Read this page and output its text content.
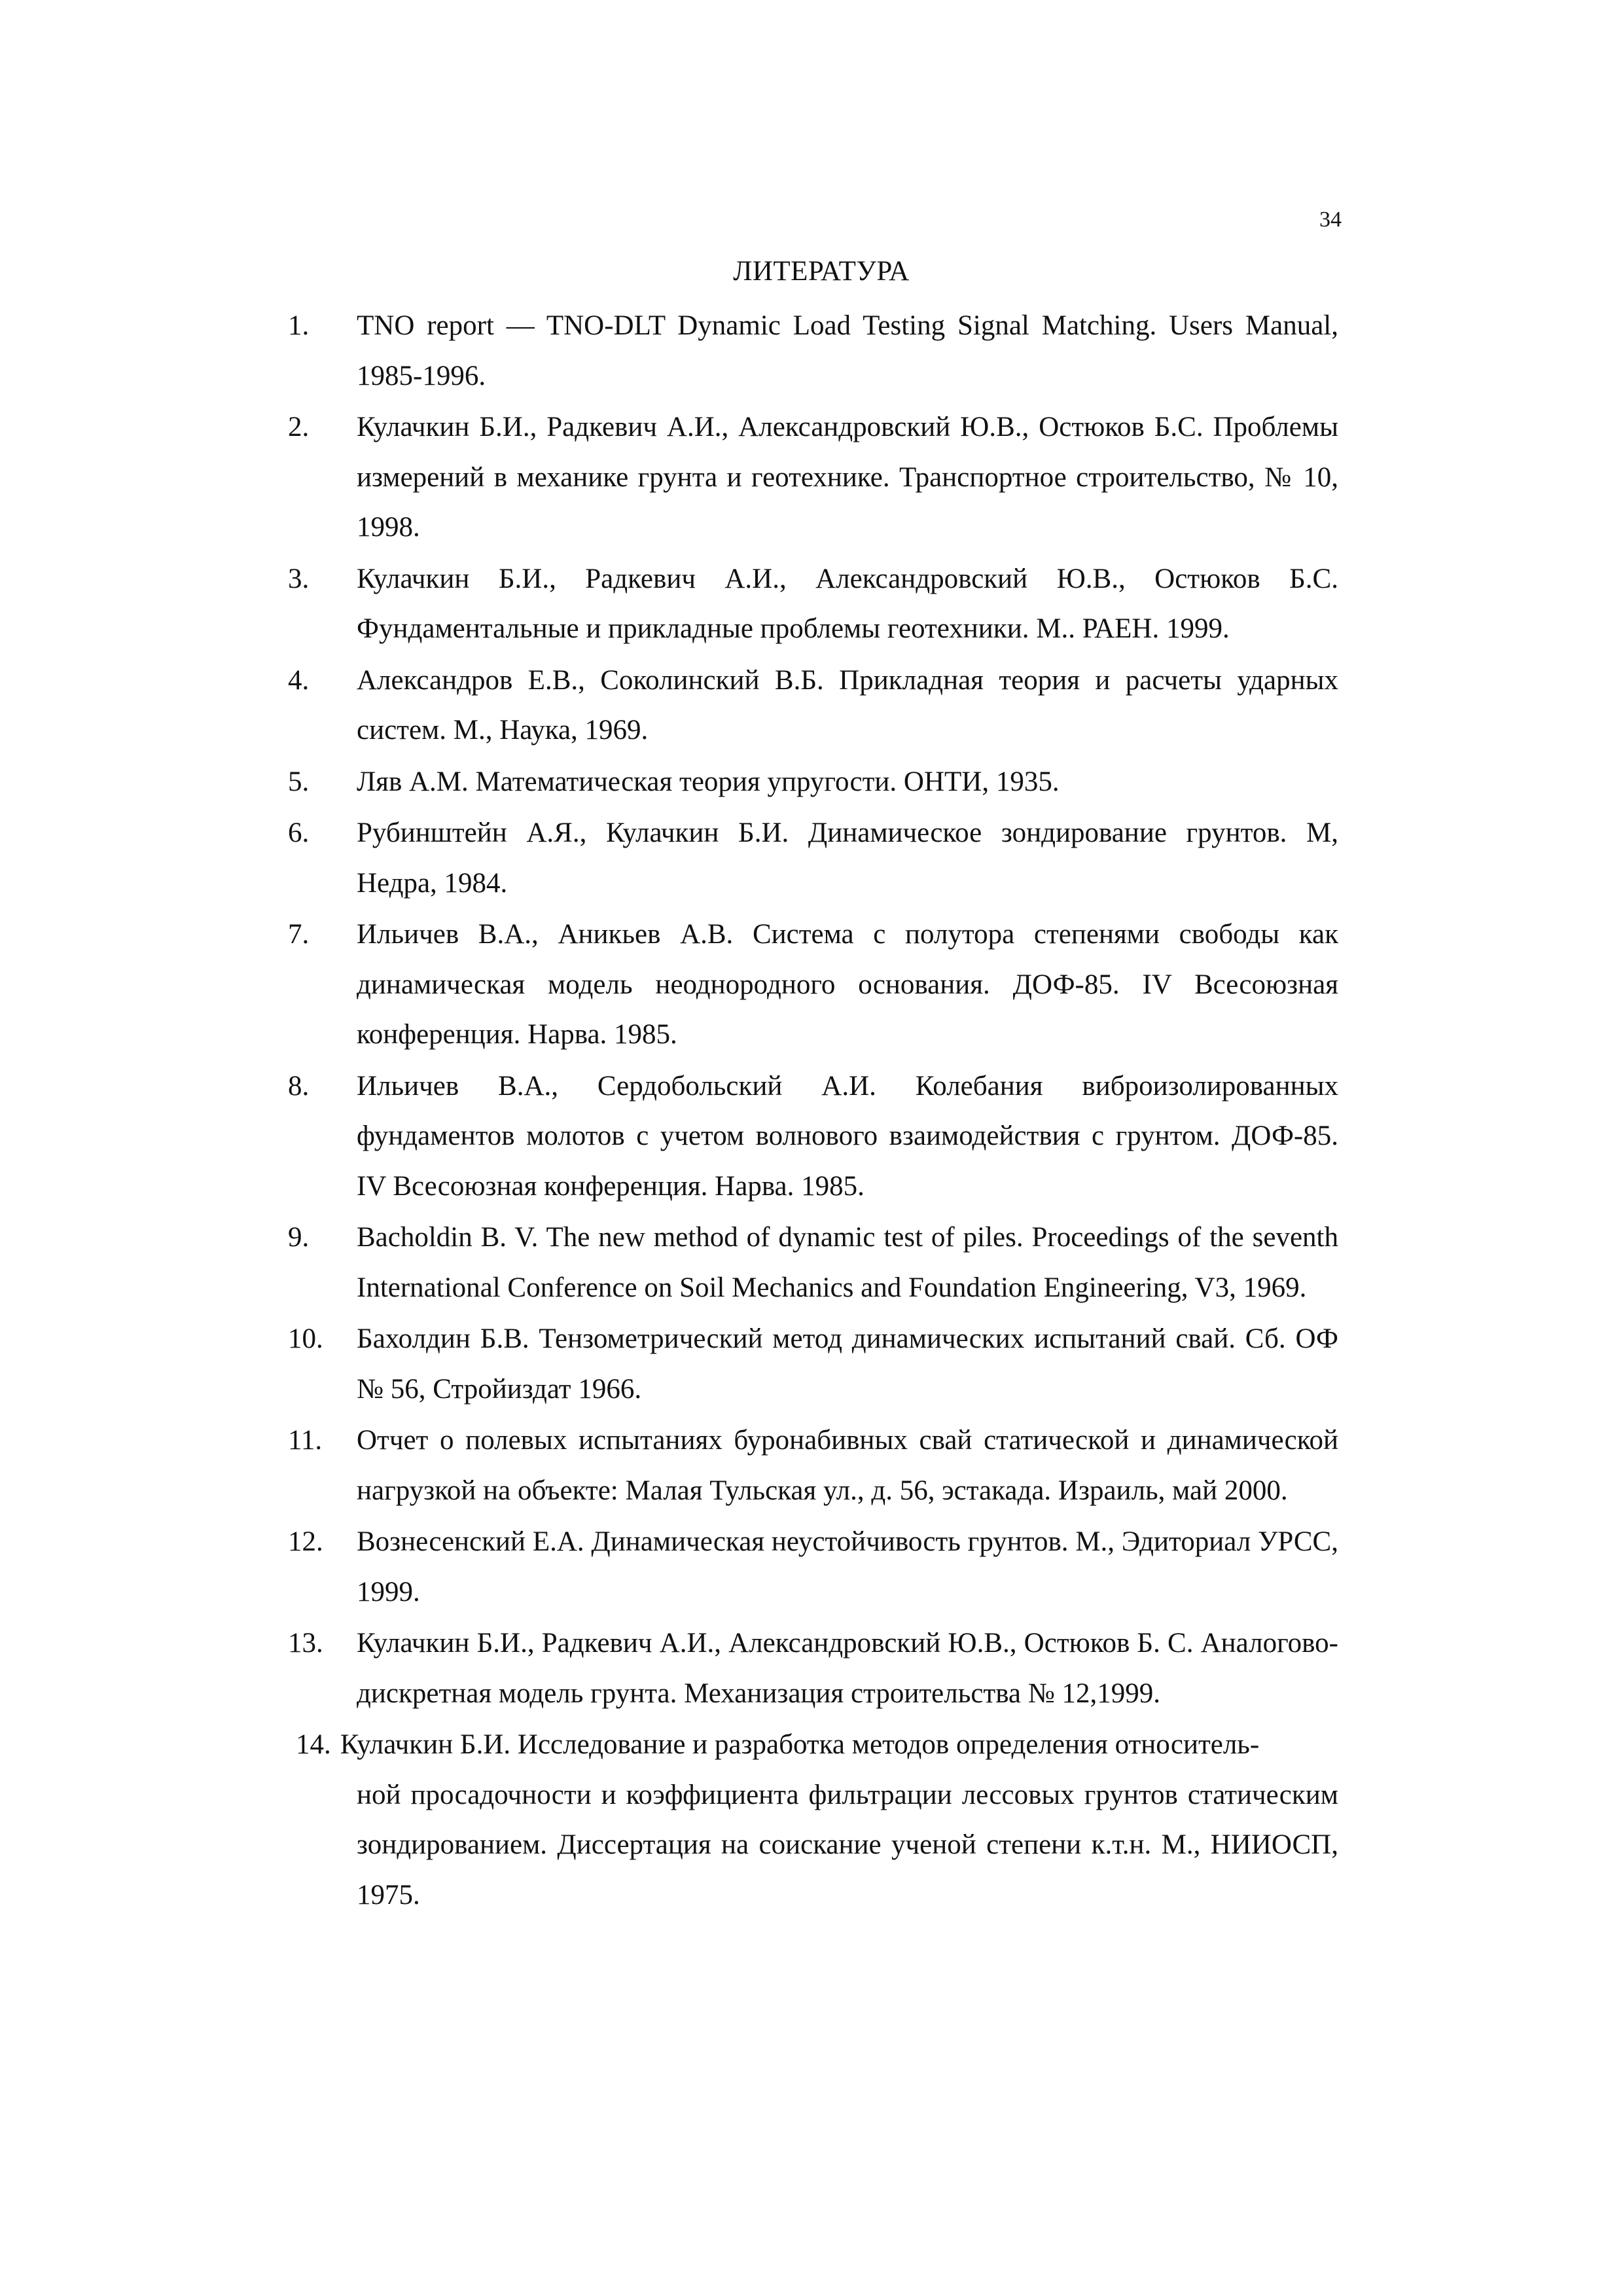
34
ЛИТЕРАТУРА
1. TNO report — TNO-DLT Dynamic Load Testing Signal Matching. Users Manual, 1985-1996.
2. Кулачкин Б.И., Радкевич А.И., Александровский Ю.В., Остюков Б.С. Проблемы измерений в механике грунта и геотехнике. Транспортное строительство, № 10, 1998.
3. Кулачкин Б.И., Радкевич А.И., Александровский Ю.В., Остюков Б.С. Фундаментальные и прикладные проблемы геотехники. М.. РАЕН. 1999.
4. Александров Е.В., Соколинский В.Б. Прикладная теория и расчеты ударных систем. М., Наука, 1969.
5. Ляв А.М. Математическая теория упругости. ОНТИ, 1935.
6. Рубинштейн А.Я., Кулачкин Б.И. Динамическое зондирование грунтов. М, Недра, 1984.
7. Ильичев В.А., Аникьев А.В. Система с полутора степенями свободы как динамическая модель неоднородного основания. ДОФ-85. IV Всесоюзная конференция. Нарва. 1985.
8. Ильичев В.А., Сердобольский А.И. Колебания виброизолированных фундаментов молотов с учетом волнового взаимодействия с грунтом. ДОФ-85. IV Всесоюзная конференция. Нарва. 1985.
9. Bacholdin B. V. The new method of dynamic test of piles. Proceedings of the seventh International Conference on Soil Mechanics and Foundation Engineering, V3, 1969.
10. Бахолдин Б.В. Тензометрический метод динамических испытаний свай. Сб. ОФ № 56, Стройиздат 1966.
11. Отчет о полевых испытаниях буронабивных свай статической и динамической нагрузкой на объекте: Малая Тульская ул., д. 56, эстакада. Израиль, май 2000.
12. Вознесенский Е.А. Динамическая неустойчивость грунтов. М., Эдиториал УРСС, 1999.
13. Кулачкин Б.И., Радкевич А.И., Александровский Ю.В., Остюков Б. С. Аналогово-дискретная модель грунта. Механизация строительства № 12,1999.
14. Кулачкин Б.И. Исследование и разработка методов определения относитель-
ной просадочности и коэффициента фильтрации лессовых грунтов статическим зондированием. Диссертация на соискание ученой степени к.т.н. М., НИИОСП, 1975.
